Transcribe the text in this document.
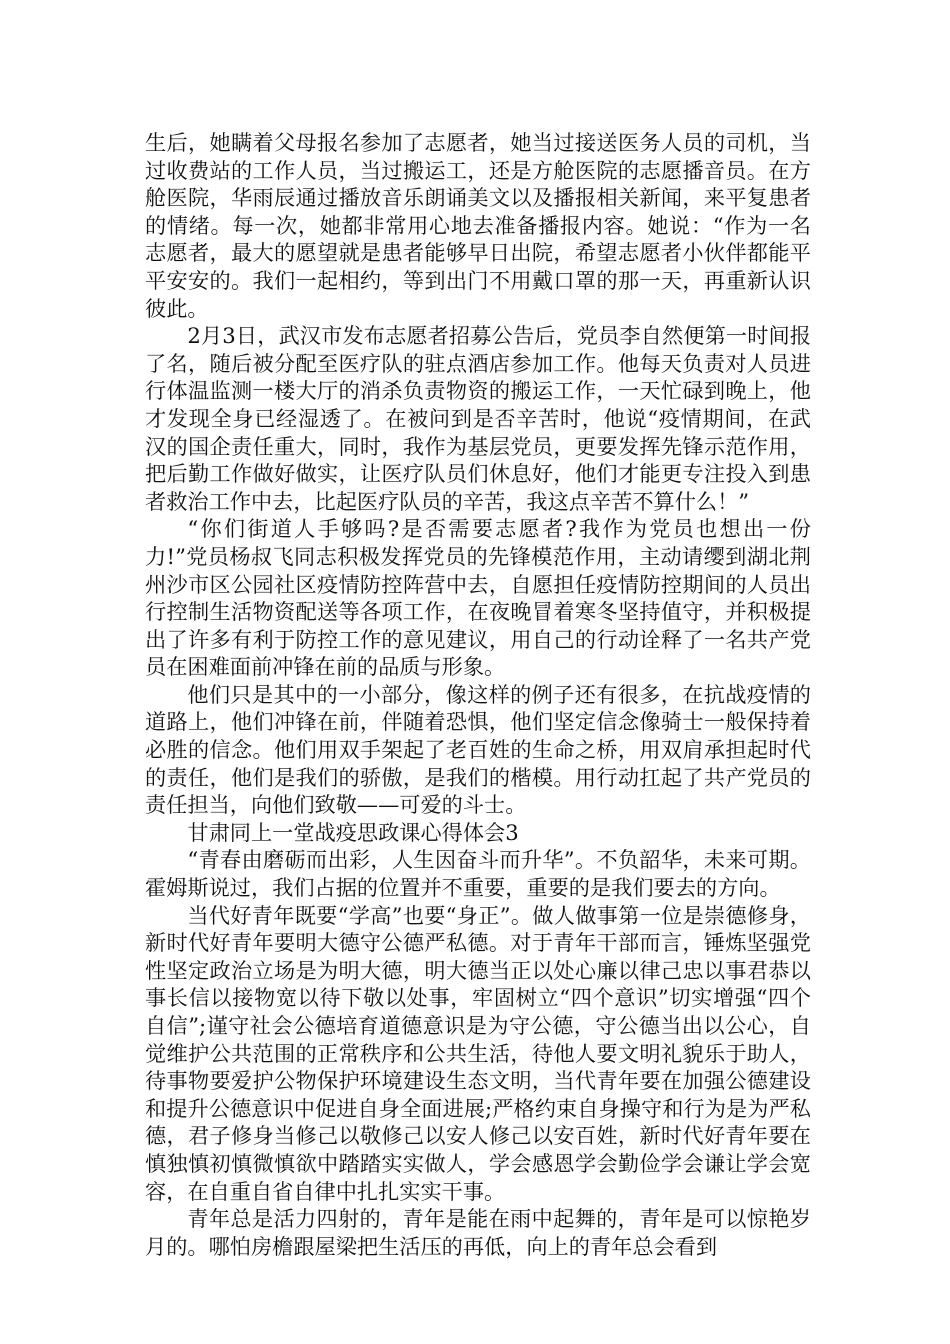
生后，她瞒着父母报名参加了志愿者，她当过接送医务人员的司机，当过收费站的工作人员，当过搬运工，还是方舱医院的志愿播音员。在方舱医院，华雨辰通过播放音乐朗诵美文以及播报相关新闻，来平复患者的情绪。每一次，她都非常用心地去准备播报内容。她说：“作为一名志愿者，最大的愿望就是患者能够早日出院，希望志愿者小伙伴都能平平安安的。我们一起相约，等到出门不用戴口罩的那一天，再重新认识彼此。

2月3日，武汉市发布志愿者招募公告后，党员李自然便第一时间报了名，随后被分配至医疗队的驻点酒店参加工作。他每天负责对人员进行体温监测一楼大厅的消杀负责物资的搬运工作，一天忙碌到晚上，他才发现全身已经湿透了。在被问到是否辛苦时，他说“疫情期间，在武汉的国企责任重大，同时，我作为基层党员，更要发挥先锋示范作用，把后勤工作做好做实，让医疗队员们休息好，他们才能更专注投入到患者救治工作中去，比起医疗队员的辛苦，我这点辛苦不算什么！”

“你们街道人手够吗?是否需要志愿者?我作为党员也想出一份力!”党员杨叔飞同志积极发挥党员的先锋模范作用，主动请缨到湖北荆州沙市区公园社区疫情防控阵营中去，自愿担任疫情防控期间的人员出行控制生活物资配送等各项工作，在夜晚冒着寒冬坚持值守，并积极提出了许多有利于防控工作的意见建议，用自己的行动诠释了一名共产党员在困难面前冲锋在前的品质与形象。

他们只是其中的一小部分，像这样的例子还有很多，在抗战疫情的道路上，他们冲锋在前，伴随着恐惧，他们坚定信念像骑士一般保持着必胜的信念。他们用双手架起了老百姓的生命之桥，用双肩承担起时代的责任，他们是我们的骄傲，是我们的楷模。用行动扛起了共产党员的责任担当，向他们致敬——可爱的斗士。

甘肃同上一堂战疫思政课心得体会3

“青春由磨砺而出彩，人生因奋斗而升华”。不负韶华，未来可期。霍姆斯说过，我们占据的位置并不重要，重要的是我们要去的方向。

当代好青年既要“学高”也要“身正”。做人做事第一位是崇德修身，新时代好青年要明大德守公德严私德。对于青年干部而言，锤炼坚强党性坚定政治立场是为明大德，明大德当正以处心廉以律己忠以事君恭以事长信以接物宽以待下敬以处事，牢固树立“四个意识”切实增强“四个自信”;谨守社会公德培育道德意识是为守公德，守公德当出以公心，自觉维护公共范围的正常秩序和公共生活，待他人要文明礼貌乐于助人，待事物要爱护公物保护环境建设生态文明，当代青年要在加强公德建设和提升公德意识中促进自身全面进展;严格约束自身操守和行为是为严私德，君子修身当修己以敬修己以安人修己以安百姓，新时代好青年要在慎独慎初慎微慎欲中踏踏实实做人，学会感恩学会勤俭学会谦让学会宽容，在自重自省自律中扎扎实实干事。

青年总是活力四射的，青年是能在雨中起舞的，青年是可以惊艳岁月的。哪怕房檐跟屋梁把生活压的再低，向上的青年总会看到
